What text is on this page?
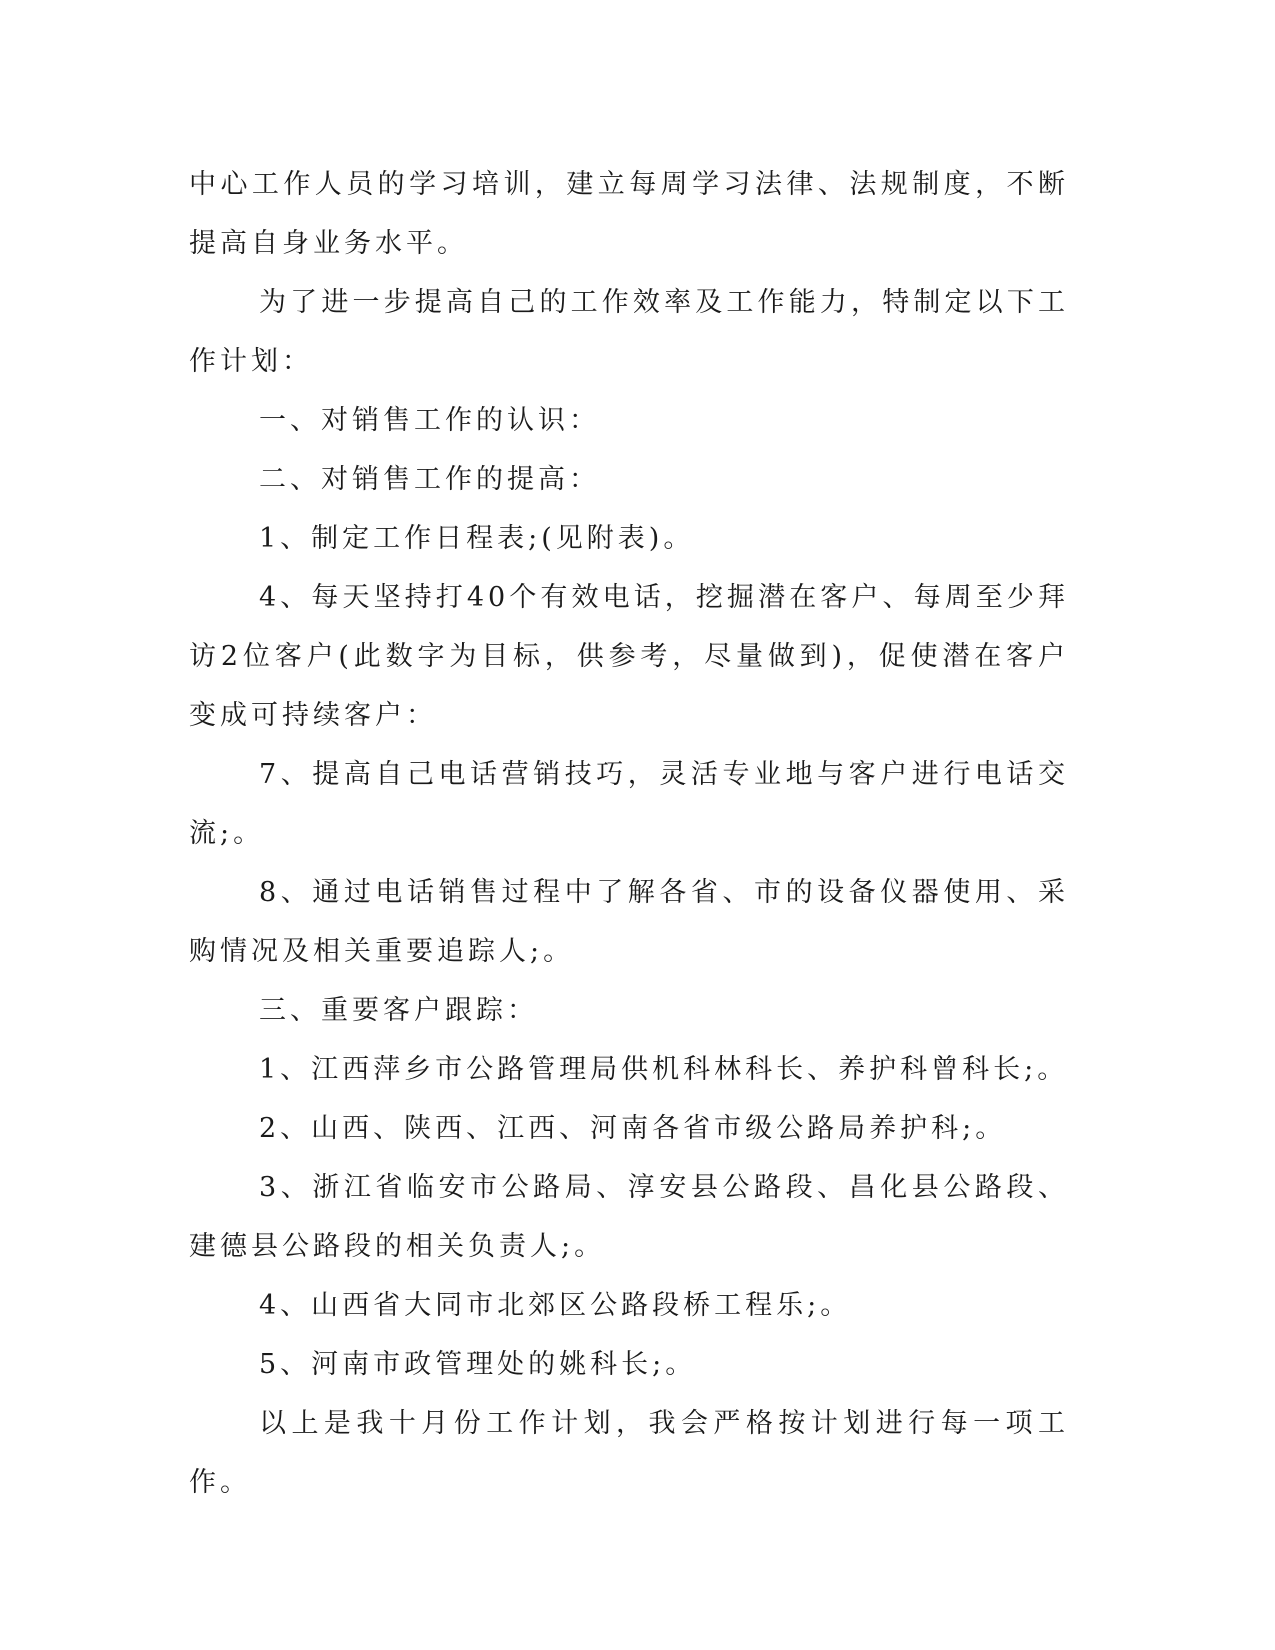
中心工作人员的学习培训，建立每周学习法律、法规制度，不断提高自身业务水平。

为了进一步提高自己的工作效率及工作能力，特制定以下工作计划：

一、对销售工作的认识：

二、对销售工作的提高：

1、制定工作日程表;(见附表)。

4、每天坚持打40个有效电话，挖掘潜在客户、每周至少拜访2位客户(此数字为目标，供参考，尽量做到)，促使潜在客户变成可持续客户：

7、提高自己电话营销技巧，灵活专业地与客户进行电话交流;。

8、通过电话销售过程中了解各省、市的设备仪器使用、采购情况及相关重要追踪人;。

三、重要客户跟踪：

1、江西萍乡市公路管理局供机科林科长、养护科曾科长;。

2、山西、陕西、江西、河南各省市级公路局养护科;。

3、浙江省临安市公路局、淳安县公路段、昌化县公路段、建德县公路段的相关负责人;。

4、山西省大同市北郊区公路段桥工程乐;。

5、河南市政管理处的姚科长;。

以上是我十月份工作计划，我会严格按计划进行每一项工作。
